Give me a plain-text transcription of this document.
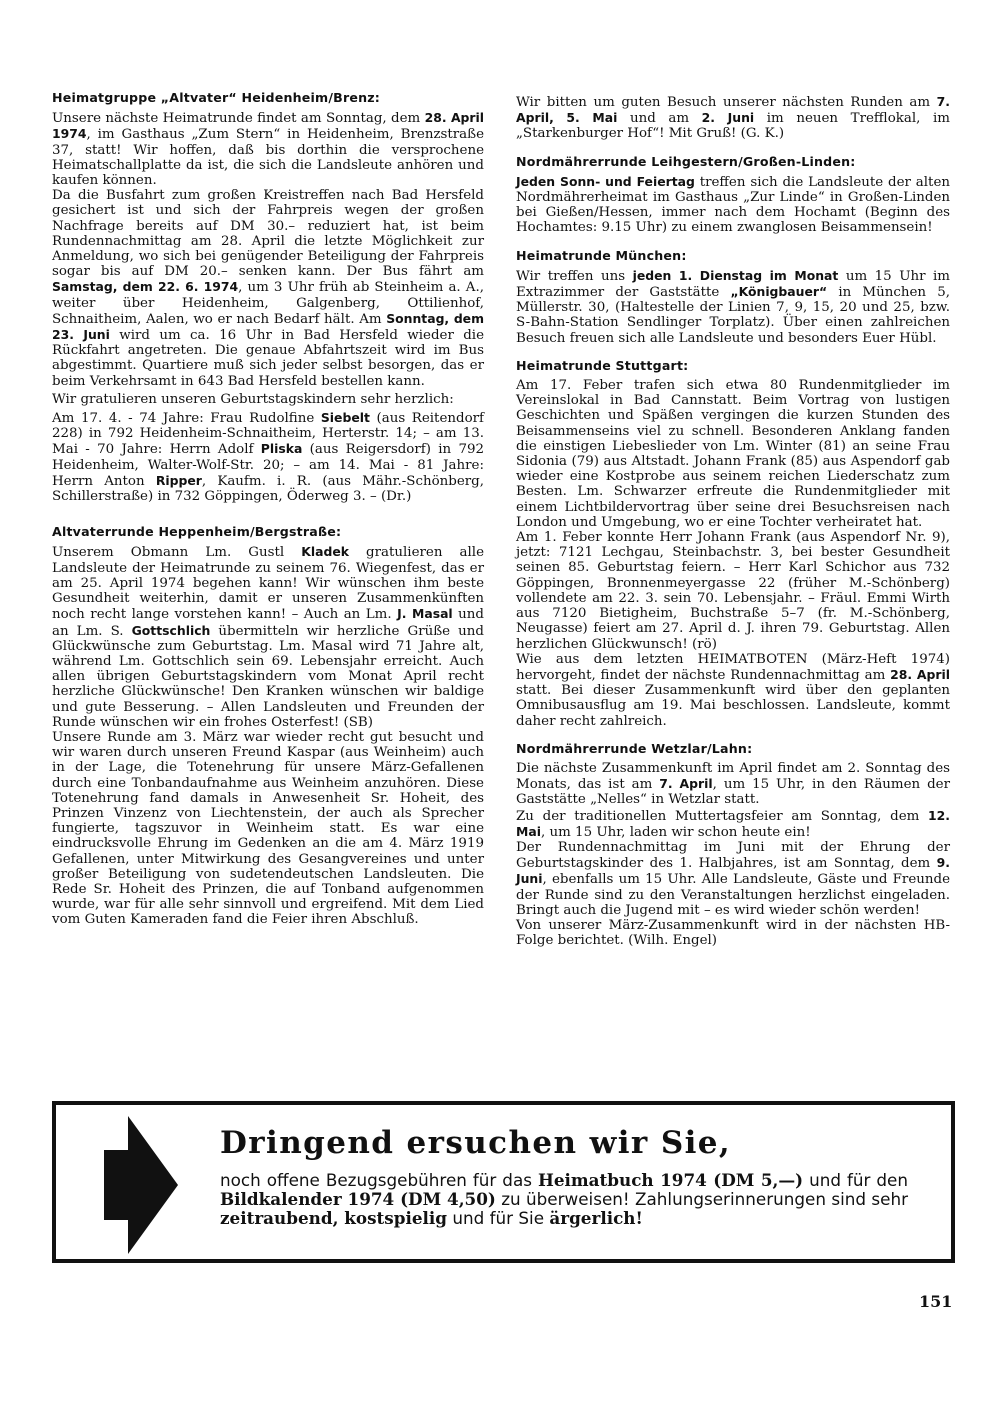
Heimatgruppe „Altvater“ Heidenheim/Brenz:

Unsere nächste Heimatrunde findet am Sonntag, dem 28. April 1974, im Gasthaus „Zum Stern“ in Heidenheim, Brenzstraße 37, statt! Wir hoffen, daß bis dorthin die versprochene Heimatschallplatte da ist, die sich die Landsleute anhören und kaufen können.

Da die Busfahrt zum großen Kreistreffen nach Bad Hersfeld gesichert ist und sich der Fahrpreis wegen der großen Nachfrage bereits auf DM 30.– reduziert hat, ist beim Rundennachmittag am 28. April die letzte Möglichkeit zur Anmeldung, wo sich bei genügender Beteiligung der Fahrpreis sogar bis auf DM 20.– senken kann. Der Bus fährt am Samstag, dem 22. 6. 1974, um 3 Uhr früh ab Steinheim a. A., weiter über Heidenheim, Galgenberg, Ottilienhof, Schnaitheim, Aalen, wo er nach Bedarf hält. Am Sonntag, dem 23. Juni wird um ca. 16 Uhr in Bad Hersfeld wieder die Rückfahrt angetreten. Die genaue Abfahrtszeit wird im Bus abgestimmt. Quartiere muß sich jeder selbst besorgen, das er beim Verkehrsamt in 643 Bad Hersfeld bestellen kann.

Wir gratulieren unseren Geburtstagskindern sehr herzlich:

Am 17. 4. - 74 Jahre: Frau Rudolfine Siebelt (aus Reitendorf 228) in 792 Heidenheim-Schnaitheim, Herterstr. 14; – am 13. Mai - 70 Jahre: Herrn Adolf Pliska (aus Reigersdorf) in 792 Heidenheim, Walter-Wolf-Str. 20; – am 14. Mai - 81 Jahre: Herrn Anton Ripper, Kaufm. i. R. (aus Mähr.-Schönberg, Schillerstraße) in 732 Göppingen, Öderweg 3. – (Dr.)

Altvaterrunde Heppenheim/Bergstraße:

Unserem Obmann Lm. Gustl Kladek gratulieren alle Landsleute der Heimatrunde zu seinem 76. Wiegenfest, das er am 25. April 1974 begehen kann! Wir wünschen ihm beste Gesundheit weiterhin, damit er unseren Zusammenkünften noch recht lange vorstehen kann! – Auch an Lm. J. Masal und an Lm. S. Gottschlich übermitteln wir herzliche Grüße und Glückwünsche zum Geburtstag. Lm. Masal wird 71 Jahre alt, während Lm. Gottschlich sein 69. Lebensjahr erreicht. Auch allen übrigen Geburtstagskindern vom Monat April recht herzliche Glückwünsche! Den Kranken wünschen wir baldige und gute Besserung. – Allen Landsleuten und Freunden der Runde wünschen wir ein frohes Osterfest! (SB)

Unsere Runde am 3. März war wieder recht gut besucht und wir waren durch unseren Freund Kaspar (aus Weinheim) auch in der Lage, die Totenehrung für unsere März-Gefallenen durch eine Tonbandaufnahme aus Weinheim anzuhören. Diese Totenehrung fand damals in Anwesenheit Sr. Hoheit, des Prinzen Vinzenz von Liechtenstein, der auch als Sprecher fungierte, tagszuvor in Weinheim statt. Es war eine eindrucksvolle Ehrung im Gedenken an die am 4. März 1919 Gefallenen, unter Mitwirkung des Gesangvereines und unter großer Beteiligung von sudetendeutschen Landsleuten. Die Rede Sr. Hoheit des Prinzen, die auf Tonband aufgenommen wurde, war für alle sehr sinnvoll und ergreifend. Mit dem Lied vom Guten Kameraden fand die Feier ihren Abschluß.

Wir bitten um guten Besuch unserer nächsten Runden am 7. April, 5. Mai und am 2. Juni im neuen Trefflokal, im „Starkenburger Hof“! Mit Gruß! (G. K.)

Nordmährerrunde Leihgestern/Großen-Linden:

Jeden Sonn- und Feiertag treffen sich die Landsleute der alten Nordmährerheimat im Gasthaus „Zur Linde“ in Großen-Linden bei Gießen/Hessen, immer nach dem Hochamt (Beginn des Hochamtes: 9.15 Uhr) zu einem zwanglosen Beisammensein!

Heimatrunde München:

Wir treffen uns jeden 1. Dienstag im Monat um 15 Uhr im Extrazimmer der Gaststätte „Königbauer“ in München 5, Müllerstr. 30, (Haltestelle der Linien 7, 9, 15, 20 und 25, bzw. S-Bahn-Station Sendlinger Torplatz). Über einen zahlreichen Besuch freuen sich alle Landsleute und besonders Euer Hübl.

Heimatrunde Stuttgart:

Am 17. Feber trafen sich etwa 80 Rundenmitglieder im Vereinslokal in Bad Cannstatt. Beim Vortrag von lustigen Geschichten und Späßen vergingen die kurzen Stunden des Beisammenseins viel zu schnell. Besonderen Anklang fanden die einstigen Liebeslieder von Lm. Winter (81) an seine Frau Sidonia (79) aus Altstadt. Johann Frank (85) aus Aspendorf gab wieder eine Kostprobe aus seinem reichen Liederschatz zum Besten. Lm. Schwarzer erfreute die Rundenmitglieder mit einem Lichtbildervortrag über seine drei Besuchsreisen nach London und Umgebung, wo er eine Tochter verheiratet hat.

Am 1. Feber konnte Herr Johann Frank (aus Aspendorf Nr. 9), jetzt: 7121 Lechgau, Steinbachstr. 3, bei bester Gesundheit seinen 85. Geburtstag feiern. – Herr Karl Schichor aus 732 Göppingen, Bronnenmeyergasse 22 (früher M.-Schönberg) vollendete am 22. 3. sein 70. Lebensjahr. – Fräul. Emmi Wirth aus 7120 Bietigheim, Buchstraße 5–7 (fr. M.-Schönberg, Neugasse) feiert am 27. April d. J. ihren 79. Geburtstag. Allen herzlichen Glückwunsch! (rö)

Wie aus dem letzten HEIMATBOTEN (März-Heft 1974) hervorgeht, findet der nächste Rundennachmittag am 28. April statt. Bei dieser Zusammenkunft wird über den geplanten Omnibusausflug am 19. Mai beschlossen. Landsleute, kommt daher recht zahlreich.

Nordmährerrunde Wetzlar/Lahn:

Die nächste Zusammenkunft im April findet am 2. Sonntag des Monats, das ist am 7. April, um 15 Uhr, in den Räumen der Gaststätte „Nelles“ in Wetzlar statt.

Zu der traditionellen Muttertagsfeier am Sonntag, dem 12. Mai, um 15 Uhr, laden wir schon heute ein!

Der Rundennachmittag im Juni mit der Ehrung der Geburtstagskinder des 1. Halbjahres, ist am Sonntag, dem 9. Juni, ebenfalls um 15 Uhr. Alle Landsleute, Gäste und Freunde der Runde sind zu den Veranstaltungen herzlichst eingeladen. Bringt auch die Jugend mit – es wird wieder schön werden!

Von unserer März-Zusammenkunft wird in der nächsten HB-Folge berichtet. (Wilh. Engel)

Dringend ersuchen wir Sie,
noch offene Bezugsgebühren für das Heimatbuch 1974 (DM 5,—) und für den Bildkalender 1974 (DM 4,50) zu überweisen! Zahlungserinnerungen sind sehr zeitraubend, kostspielig und für Sie ärgerlich!
151
